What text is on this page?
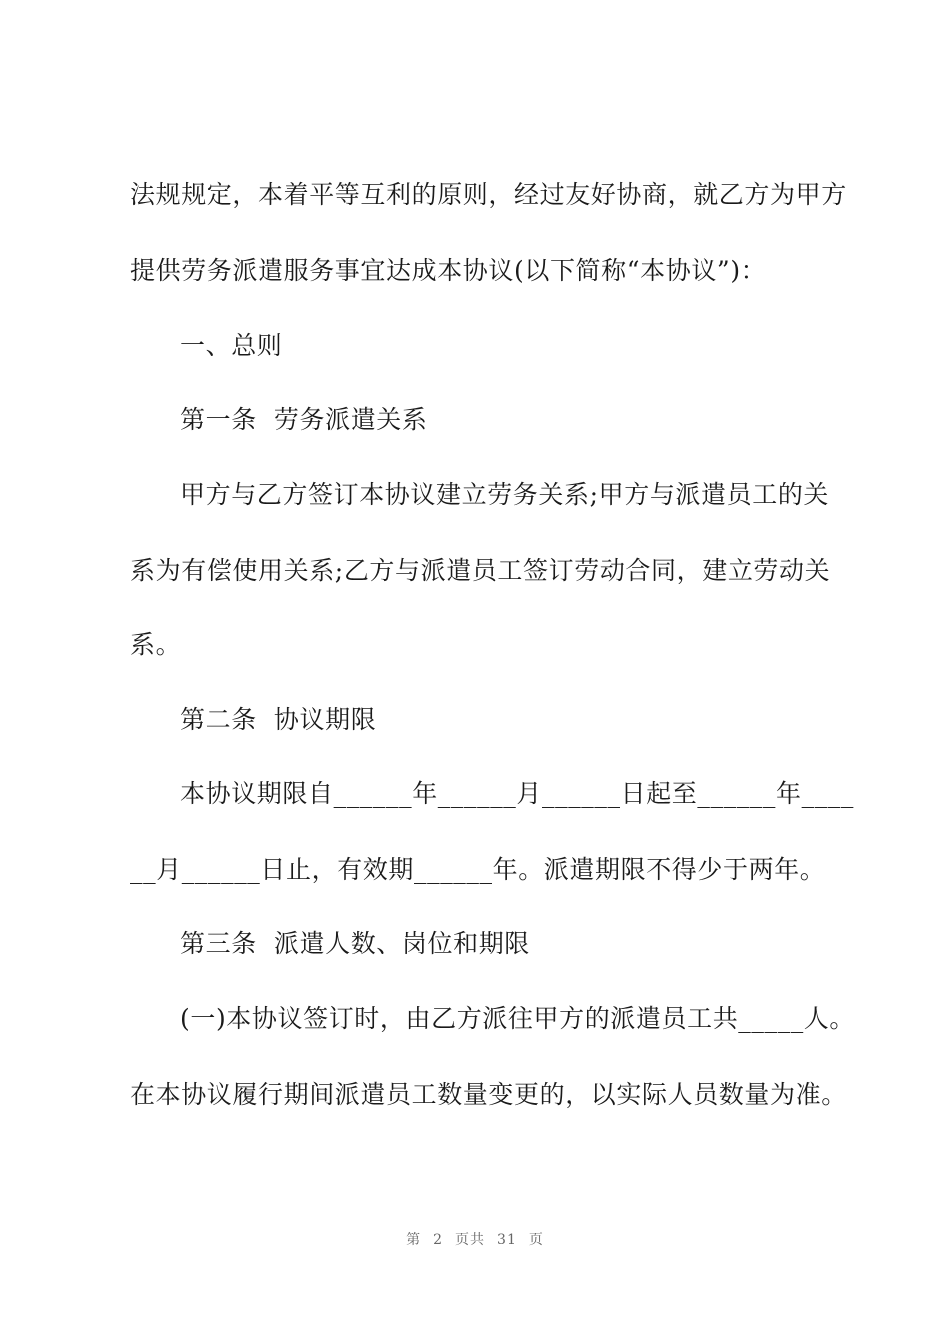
法规规定，本着平等互利的原则，经过友好协商，就乙方为甲方
提供劳务派遣服务事宜达成本协议(以下简称“本协议”)：
一、总则
第一条  劳务派遣关系
甲方与乙方签订本协议建立劳务关系;甲方与派遣员工的关
系为有偿使用关系;乙方与派遣员工签订劳动合同，建立劳动关
系。
第二条  协议期限
本协议期限自______年______月______日起至______年____
__月______日止，有效期______年。派遣期限不得少于两年。
第三条  派遣人数、岗位和期限
(一)本协议签订时，由乙方派往甲方的派遣员工共_____人。
在本协议履行期间派遣员工数量变更的，以实际人员数量为准。
第 2 页共 31 页
